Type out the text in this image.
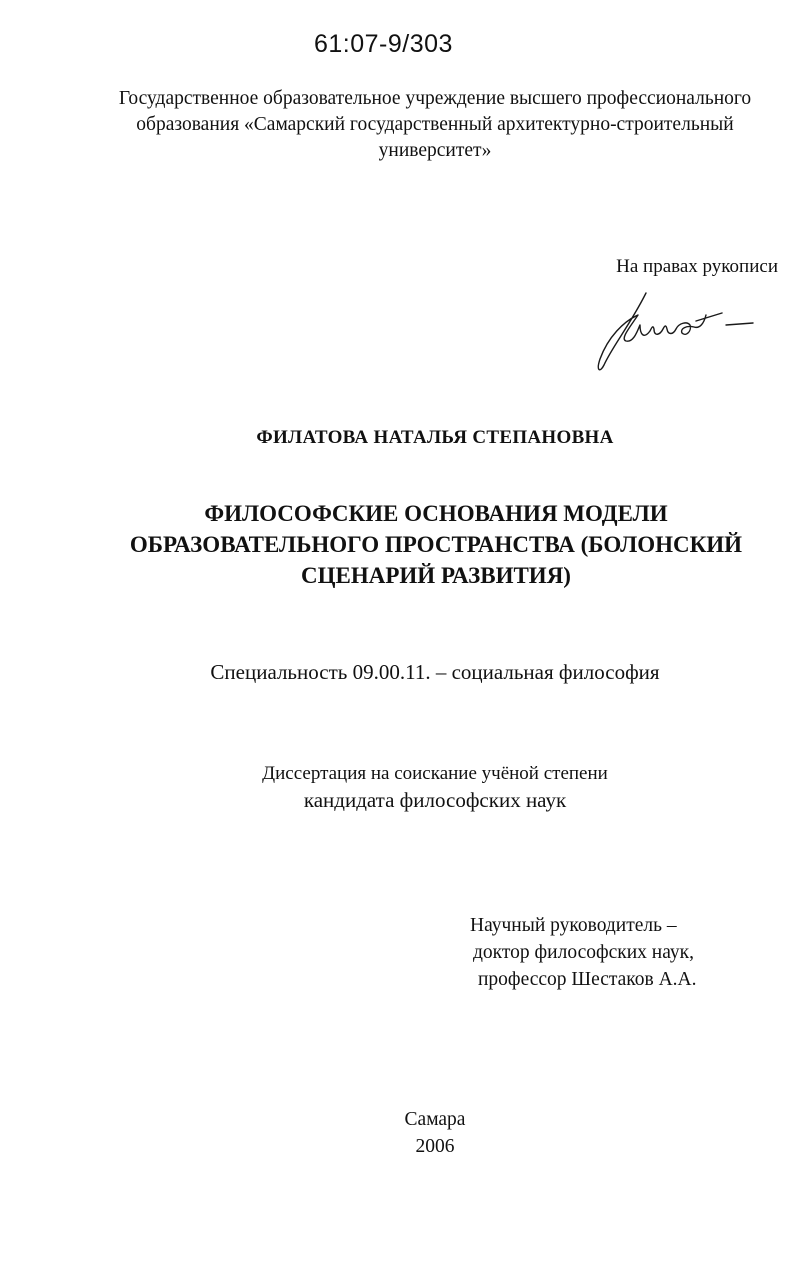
61:07-9/303
Государственное образовательное учреждение высшего профессионального
образования «Самарский государственный архитектурно-строительный
университет»
На правах рукописи
ФИЛАТОВА НАТАЛЬЯ СТЕПАНОВНА
ФИЛОСОФСКИЕ ОСНОВАНИЯ МОДЕЛИ
ОБРАЗОВАТЕЛЬНОГО ПРОСТРАНСТВА (БОЛОНСКИЙ
СЦЕНАРИЙ РАЗВИТИЯ)
Специальность 09.00.11. – социальная философия
Диссертация на соискание учёной степени
кандидата философских наук
Научный руководитель –
доктор философских наук,
профессор Шестаков А.А.
Самара
2006
